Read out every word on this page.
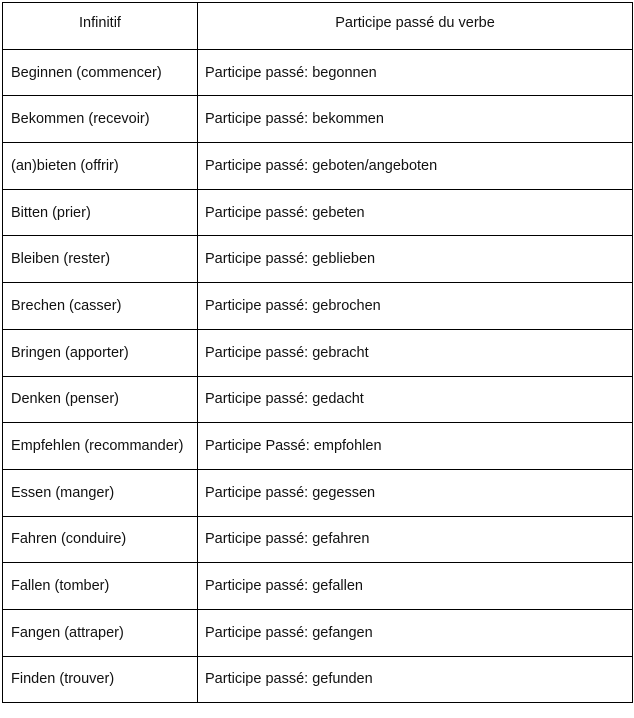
Infinitif	Participe passé du verbe
Beginnen (commencer)	Participe passé: begonnen
Bekommen (recevoir)	Participe passé: bekommen
(an)bieten (offrir)	Participe passé: geboten/angeboten
Bitten (prier)	Participe passé: gebeten
Bleiben (rester)	Participe passé: geblieben
Brechen (casser)	Participe passé: gebrochen
Bringen (apporter)	Participe passé: gebracht
Denken (penser)	Participe passé: gedacht
Empfehlen (recommander)	Participe Passé: empfohlen
Essen (manger)	Participe passé: gegessen
Fahren (conduire)	Participe passé: gefahren
Fallen (tomber)	Participe passé: gefallen
Fangen (attraper)	Participe passé: gefangen
Finden (trouver)	Participe passé: gefunden
